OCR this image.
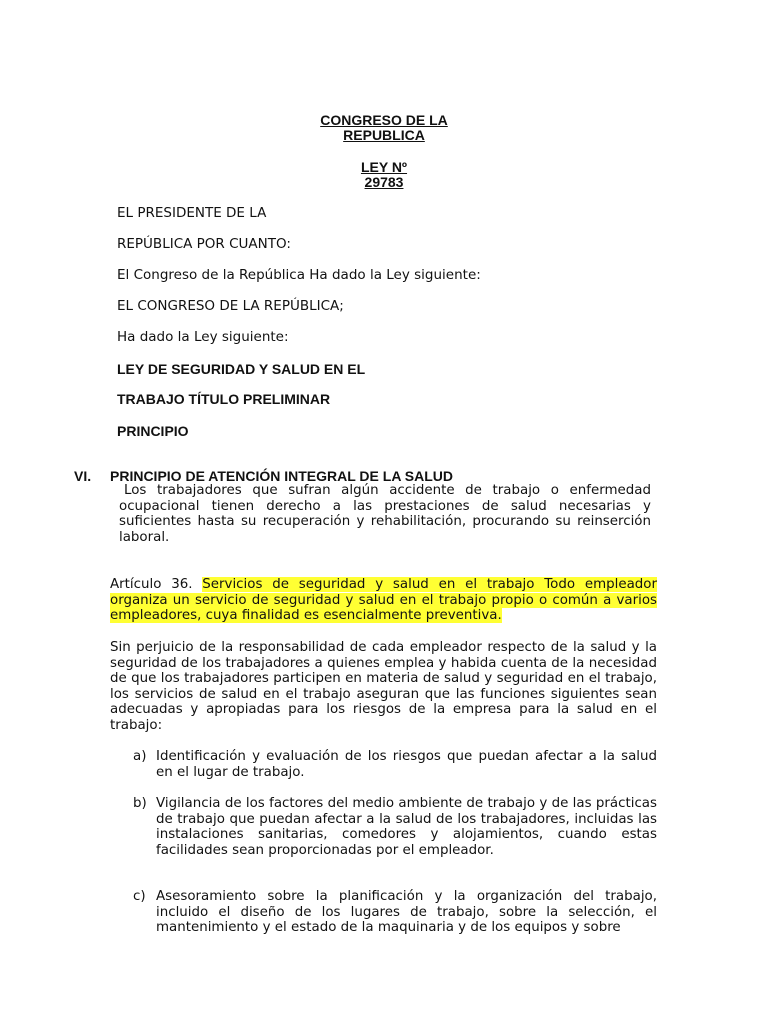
CONGRESO DE LA
REPUBLICA
LEY Nº
29783
EL PRESIDENTE DE LA
REPÚBLICA POR CUANTO:
El Congreso de la República Ha dado la Ley siguiente:
EL CONGRESO DE LA REPÚBLICA;
Ha dado la Ley siguiente:
LEY DE SEGURIDAD Y SALUD EN EL
TRABAJO TÍTULO PRELIMINAR
PRINCIPIO
VI. PRINCIPIO DE ATENCIÓN INTEGRAL DE LA SALUD
Los trabajadores que sufran algún accidente de trabajo o enfermedad ocupacional tienen derecho a las prestaciones de salud necesarias y suficientes hasta su recuperación y rehabilitación, procurando su reinserción laboral.
Artículo 36. Servicios de seguridad y salud en el trabajo Todo empleador organiza un servicio de seguridad y salud en el trabajo propio o común a varios empleadores, cuya finalidad es esencialmente preventiva.
Sin perjuicio de la responsabilidad de cada empleador respecto de la salud y la seguridad de los trabajadores a quienes emplea y habida cuenta de la necesidad de que los trabajadores participen en materia de salud y seguridad en el trabajo, los servicios de salud en el trabajo aseguran que las funciones siguientes sean adecuadas y apropiadas para los riesgos de la empresa para la salud en el trabajo:
a) Identificación y evaluación de los riesgos que puedan afectar a la salud en el lugar de trabajo.
b) Vigilancia de los factores del medio ambiente de trabajo y de las prácticas de trabajo que puedan afectar a la salud de los trabajadores, incluidas las instalaciones sanitarias, comedores y alojamientos, cuando estas facilidades sean proporcionadas por el empleador.
c) Asesoramiento sobre la planificación y la organización del trabajo, incluido el diseño de los lugares de trabajo, sobre la selección, el mantenimiento y el estado de la maquinaria y de los equipos y sobre
